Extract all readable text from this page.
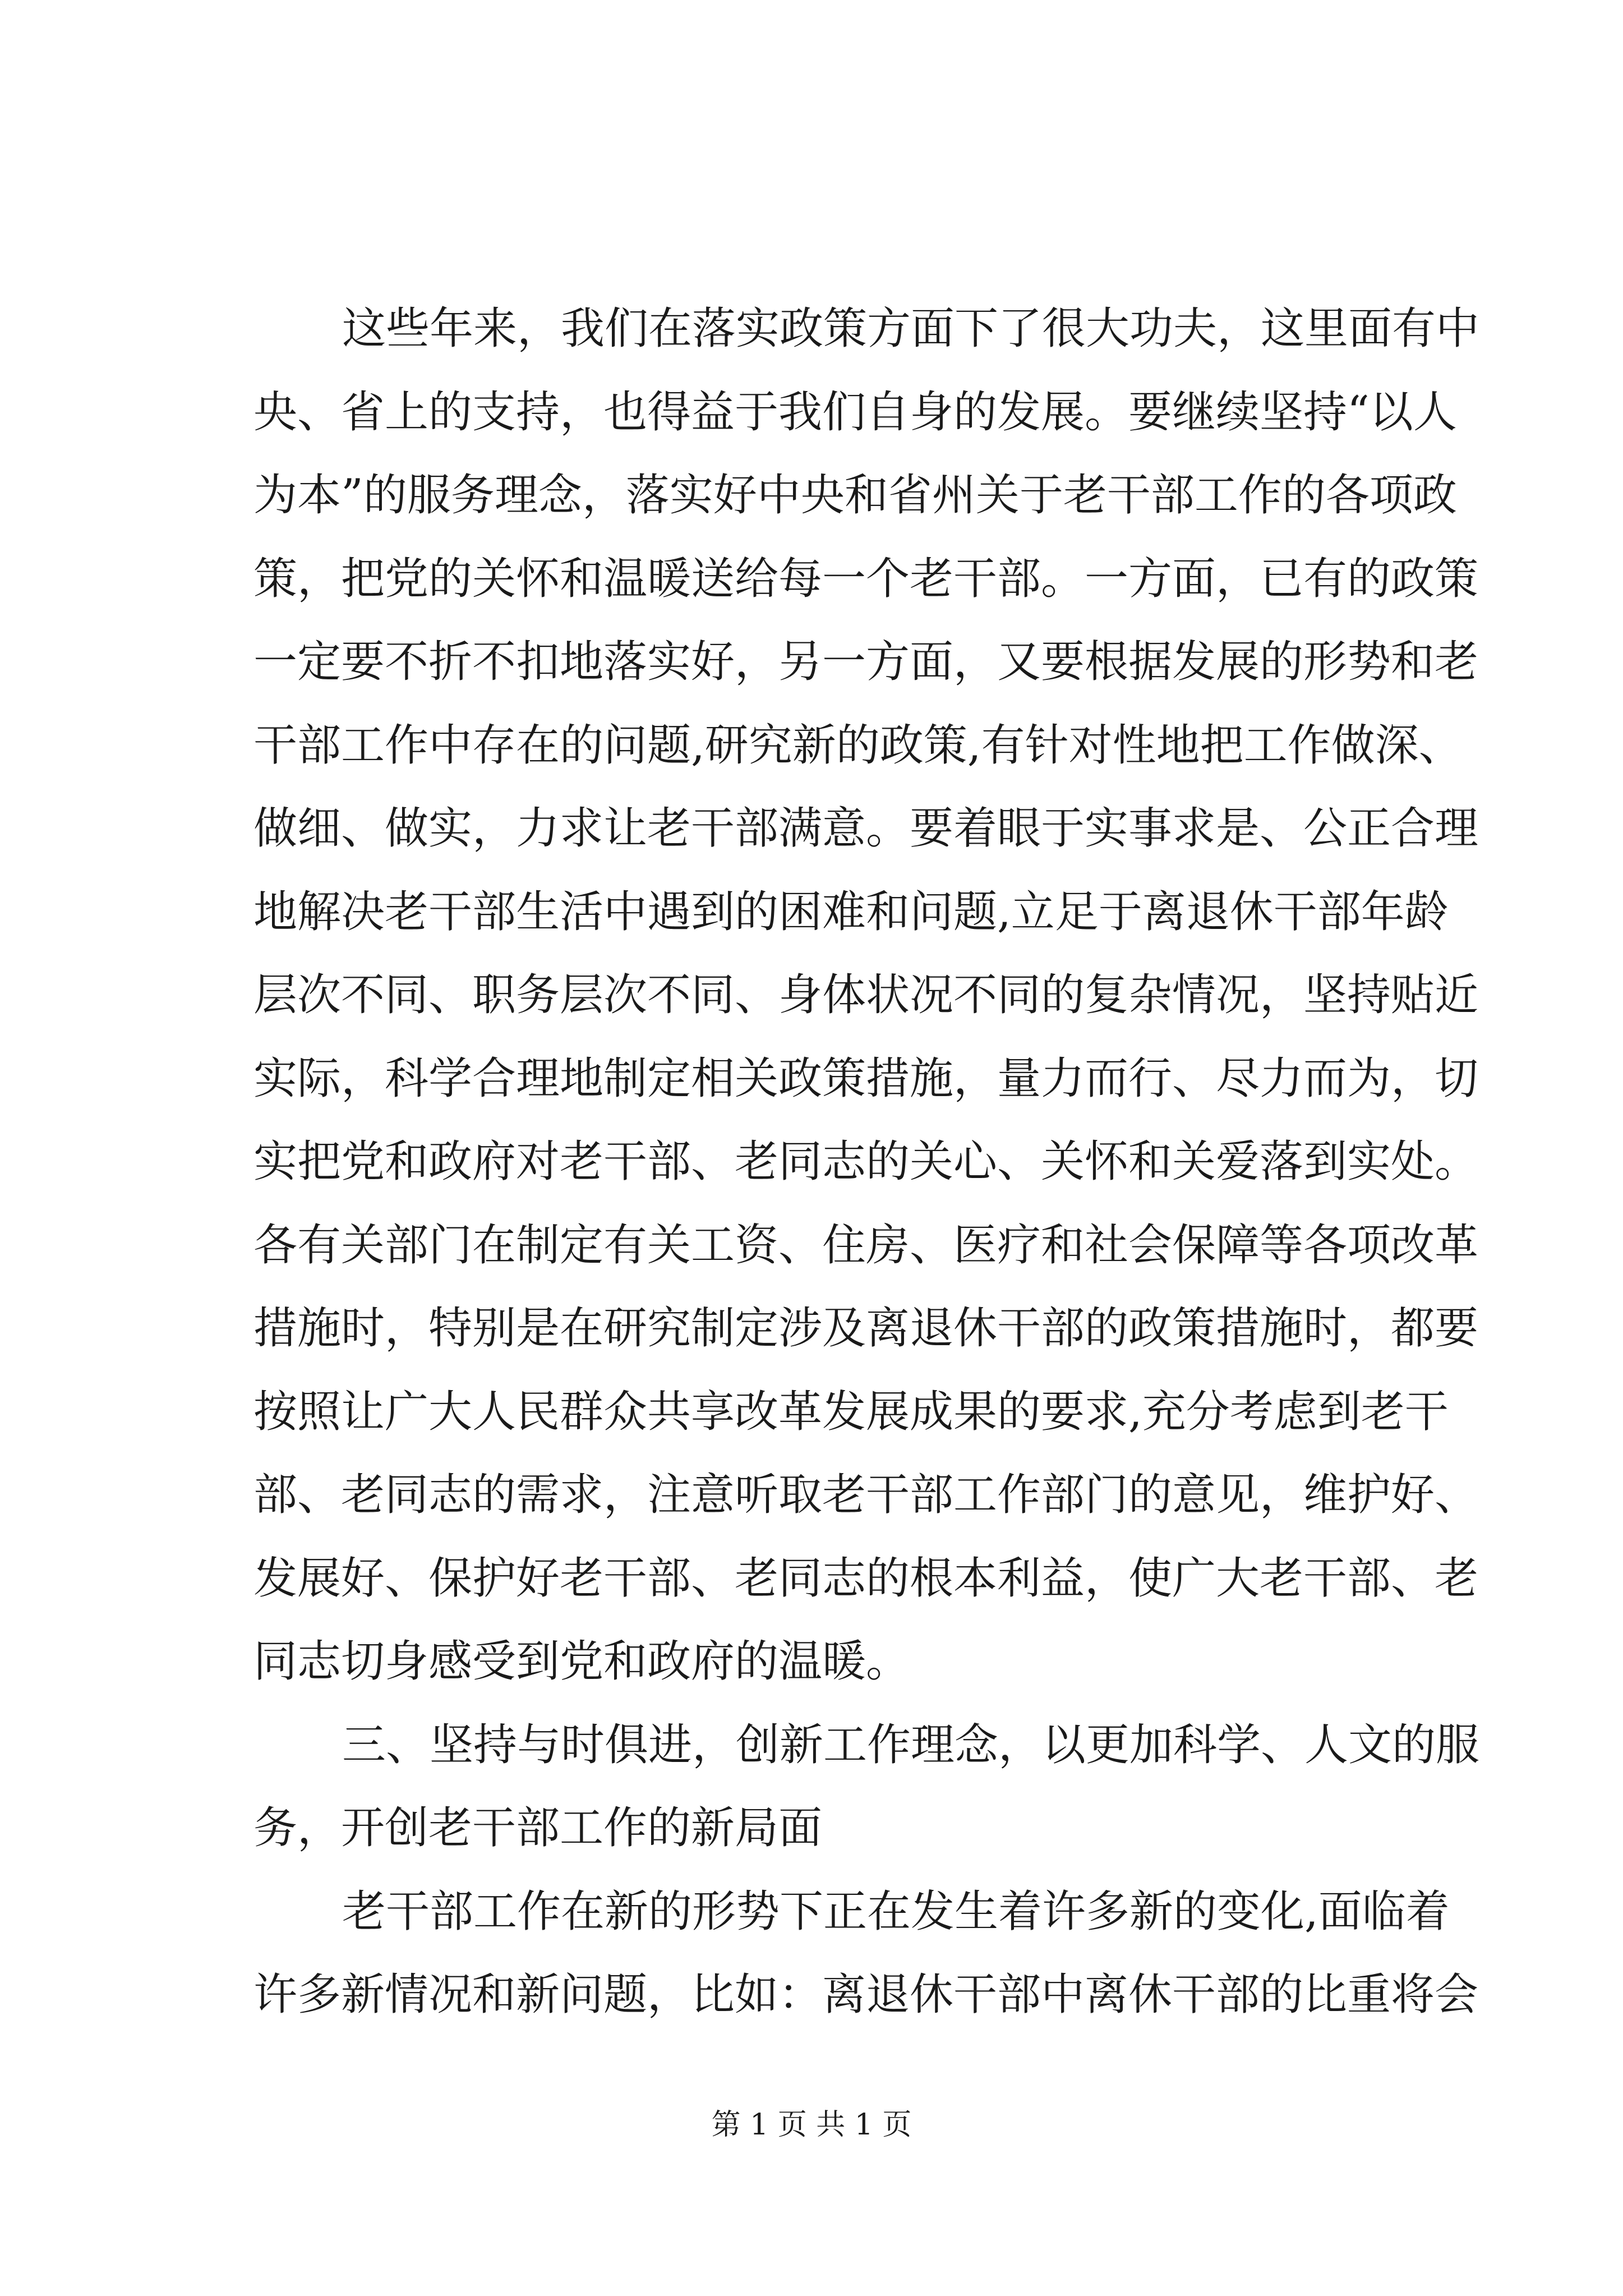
这些年来，我们在落实政策方面下了很大功夫，这里面有中
央、省上的支持，也得益于我们自身的发展。要继续坚持“以人
为本”的服务理念，落实好中央和省州关于老干部工作的各项政
策，把党的关怀和温暖送给每一个老干部。一方面，已有的政策
一定要不折不扣地落实好，另一方面，又要根据发展的形势和老
干部工作中存在的问题,研究新的政策,有针对性地把工作做深、
做细、做实，力求让老干部满意。要着眼于实事求是、公正合理
地解决老干部生活中遇到的困难和问题,立足于离退休干部年龄
层次不同、职务层次不同、身体状况不同的复杂情况，坚持贴近
实际，科学合理地制定相关政策措施，量力而行、尽力而为，切
实把党和政府对老干部、老同志的关心、关怀和关爱落到实处。
各有关部门在制定有关工资、住房、医疗和社会保障等各项改革
措施时，特别是在研究制定涉及离退休干部的政策措施时，都要
按照让广大人民群众共享改革发展成果的要求,充分考虑到老干
部、老同志的需求，注意听取老干部工作部门的意见，维护好、
发展好、保护好老干部、老同志的根本利益，使广大老干部、老
同志切身感受到党和政府的温暖。
三、坚持与时俱进，创新工作理念，以更加科学、人文的服
务，开创老干部工作的新局面
老干部工作在新的形势下正在发生着许多新的变化,面临着
许多新情况和新问题，比如：离退休干部中离休干部的比重将会
第 1 页 共 1 页
